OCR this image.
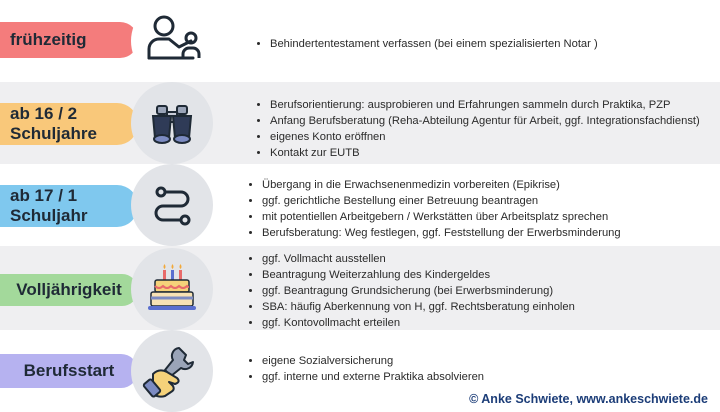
frühzeitig	• Behindertentestament verfassen (bei einem spezialisierten Notar )
ab 16 / 2 Schuljahre
• Berufsorientierung: ausprobieren und Erfahrungen sammeln durch Praktika, PZP
• Anfang Berufsberatung (Reha-Abteilung Agentur für Arbeit, ggf. Integrationsfachdienst)
• eigenes Konto eröffnen
• Kontakt zur EUTB
ab 17 / 1 Schuljahr
• Übergang in die Erwachsenenmedizin vorbereiten (Epikrise)
• ggf. gerichtliche Bestellung einer Betreuung beantragen
• mit potentiellen Arbeitgebern / Werkstätten über Arbeitsplatz sprechen
• Berufsberatung: Weg festlegen, ggf. Feststellung der Erwerbsminderung
Volljährigkeit
• ggf. Vollmacht ausstellen
• Beantragung Weiterzahlung des Kindergeldes
• ggf. Beantragung Grundsicherung (bei Erwerbsminderung)
• SBA: häufig Aberkennung von H, ggf. Rechtsberatung einholen
• ggf. Kontovollmacht erteilen
Berufsstart	• eigene Sozialversicherung
• ggf. interne und externe Praktika absolvieren
© Anke Schwiete, www.ankeschwiete.de
